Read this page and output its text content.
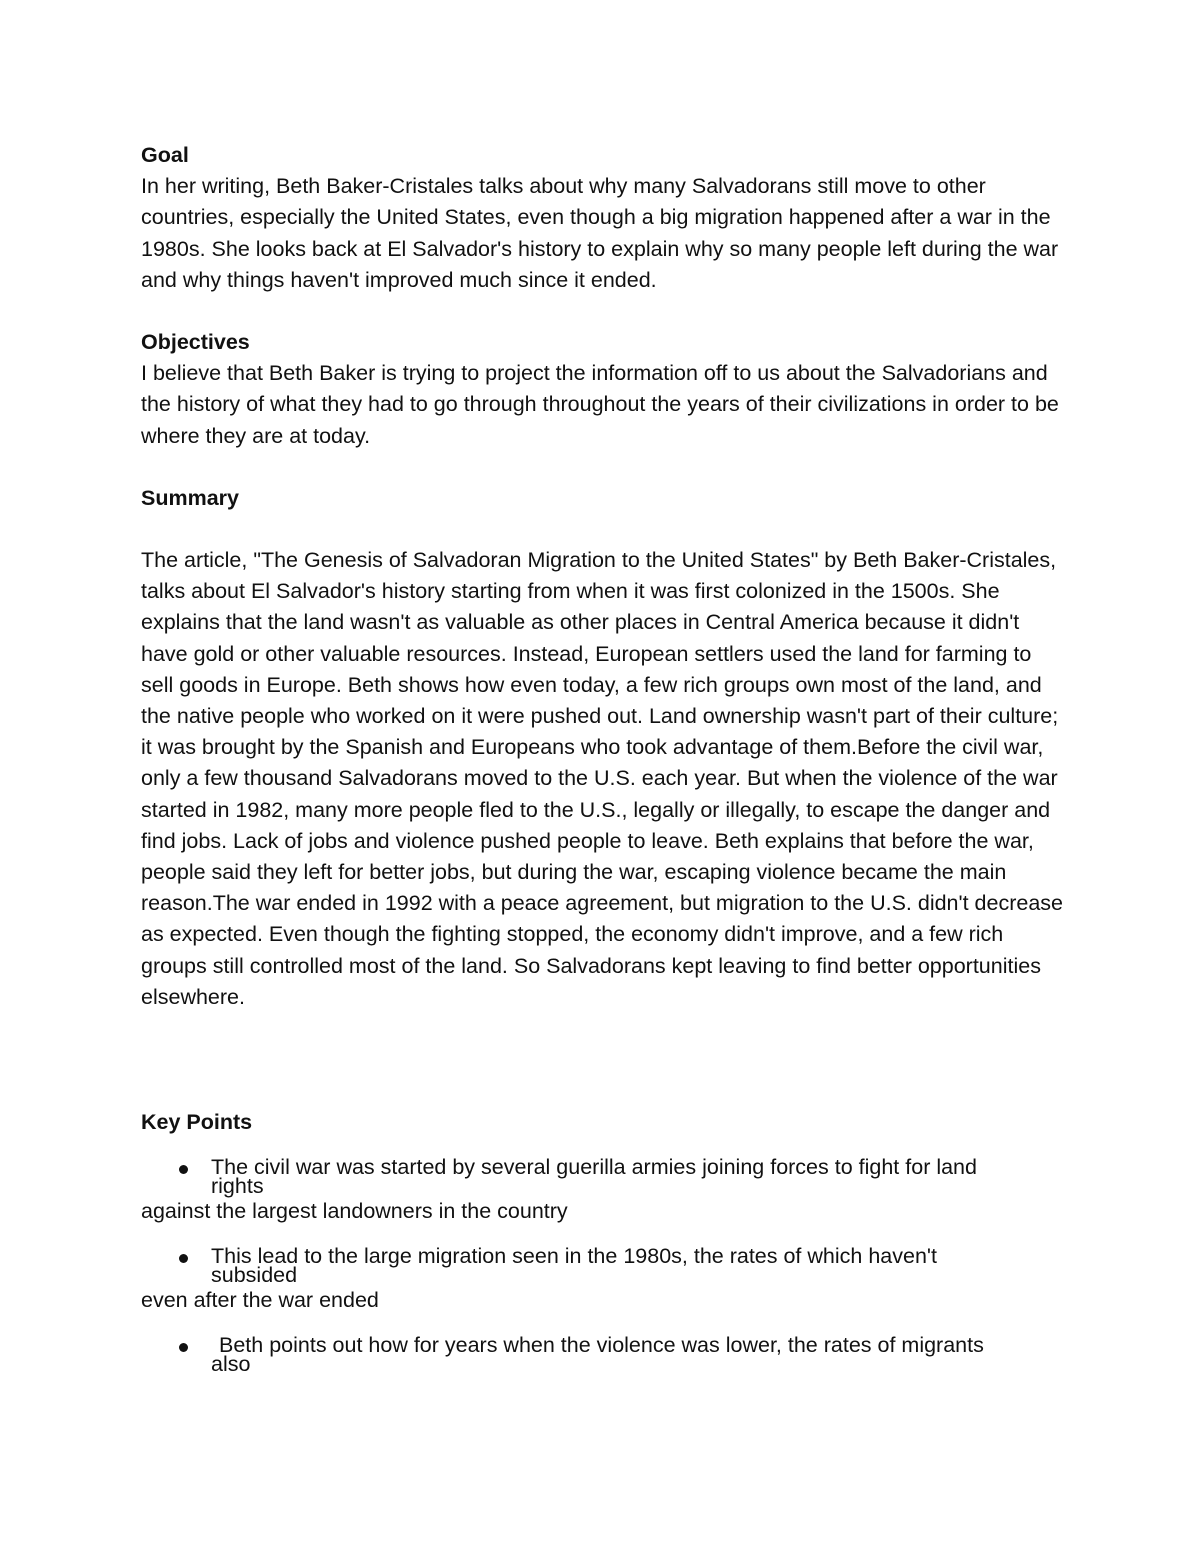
Goal

In her writing, Beth Baker-Cristales talks about why many Salvadorans still move to other countries, especially the United States, even though a big migration happened after a war in the 1980s. She looks back at El Salvador's history to explain why so many people left during the war and why things haven't improved much since it ended.

Objectives

I believe that Beth Baker is trying to project the information off to us about the Salvadorians and the history of what they had to go through throughout the years of their civilizations in order to be where they are at today.

Summary

The article, "The Genesis of Salvadoran Migration to the United States" by Beth Baker-Cristales, talks about El Salvador's history starting from when it was first colonized in the 1500s. She explains that the land wasn't as valuable as other places in Central America because it didn't have gold or other valuable resources. Instead, European settlers used the land for farming to sell goods in Europe. Beth shows how even today, a few rich groups own most of the land, and the native people who worked on it were pushed out. Land ownership wasn't part of their culture; it was brought by the Spanish and Europeans who took advantage of them.Before the civil war, only a few thousand Salvadorans moved to the U.S. each year. But when the violence of the war started in 1982, many more people fled to the U.S., legally or illegally, to escape the danger and find jobs. Lack of jobs and violence pushed people to leave. Beth explains that before the war, people said they left for better jobs, but during the war, escaping violence became the main reason.The war ended in 1992 with a peace agreement, but migration to the U.S. didn't decrease as expected. Even though the fighting stopped, the economy didn't improve, and a few rich groups still controlled most of the land. So Salvadorans kept leaving to find better opportunities elsewhere.

Key Points
The civil war was started by several guerilla armies joining forces to fight for land
rights

against the largest landowners in the country

This lead to the large migration seen in the 1980s, the rates of which haven't
subsided

even after the war ended

Beth points out how for years when the violence was lower, the rates of migrants
also
